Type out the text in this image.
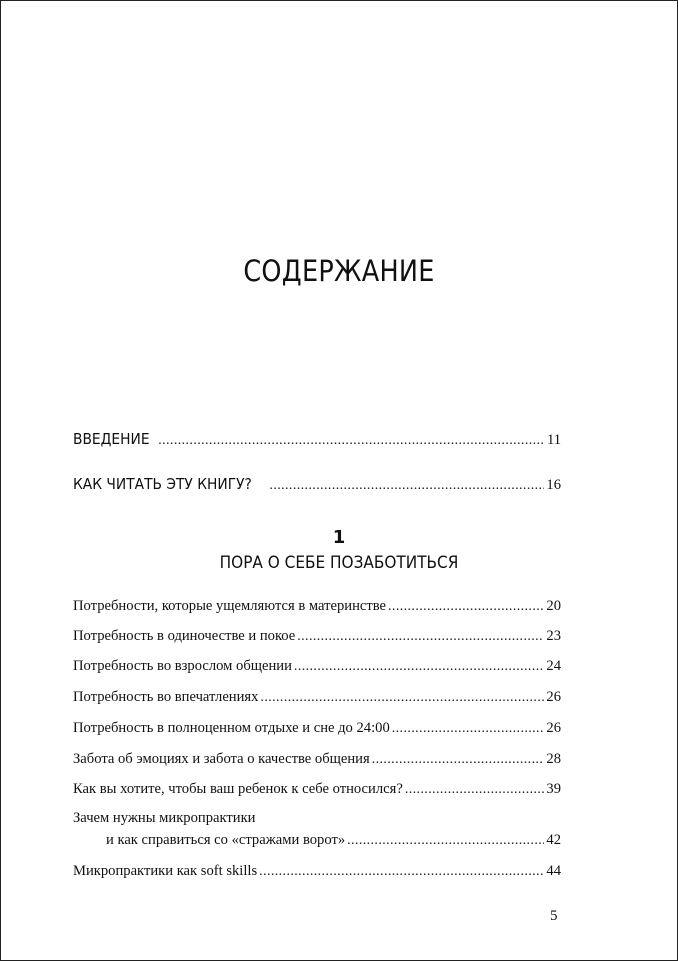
СОДЕРЖАНИЕ
ВВЕДЕНИЕ .....	11
КАК ЧИТАТЬ ЭТУ КНИГУ? .....	16
1
ПОРА О СЕБЕ ПОЗАБОТИТЬСЯ
Потребности, которые ущемляются в материнстве .....	20
Потребность в одиночестве и покое .....	23
Потребность во взрослом общении .....	24
Потребность во впечатлениях .....	26
Потребность в полноценном отдыхе и сне до 24:00 .....	26
Забота об эмоциях и забота о качестве общения .....	28
Как вы хотите, чтобы ваш ребенок к себе относился? .....	39
Зачем нужны микропрактики
и как справиться со «стражами ворот» .....	42
Микропрактики как soft skills .....	44
5
